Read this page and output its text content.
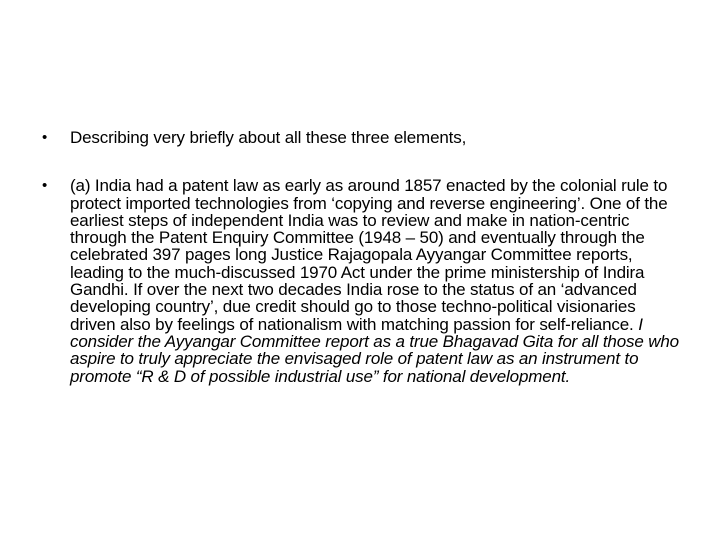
•	Describing very briefly about all these three elements,
•	(a) India had a patent law as early as around 1857 enacted by the colonial rule to protect imported technologies from ‘copying and reverse engineering’. One of the earliest steps of independent India was to review and make in nation-centric through the Patent Enquiry Committee (1948 – 50) and eventually through the celebrated 397 pages long Justice Rajagopala Ayyangar Committee reports, leading to the much-discussed 1970 Act under the prime ministership of Indira Gandhi. If over the next two decades India rose to the status of an ‘advanced developing country’, due credit should go to those techno-political visionaries driven also by feelings of nationalism with matching passion for self-reliance. I consider the Ayyangar Committee report as a true Bhagavad Gita for all those who aspire to truly appreciate the envisaged role of patent law as an instrument to promote “R & D of possible industrial use” for national development.
